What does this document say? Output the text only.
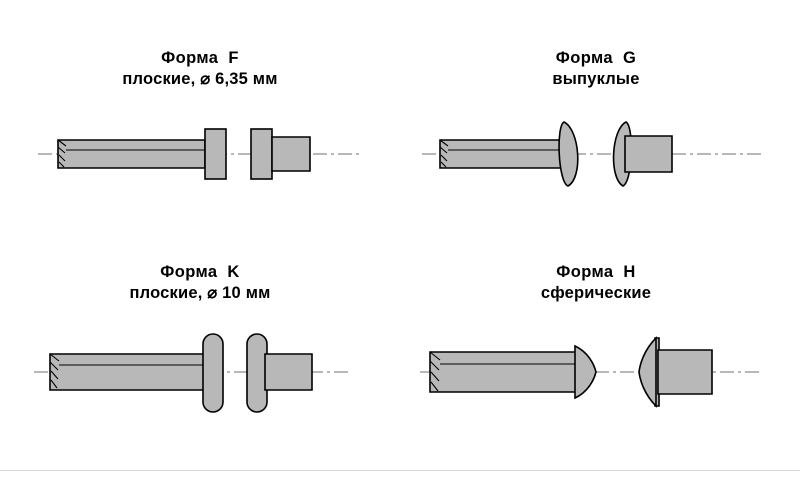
Форма  F
плоские, ⌀ 6,35 мм
Форма  G
выпуклые
Форма  K
плоские, ⌀ 10 мм
Форма  H
сферические
